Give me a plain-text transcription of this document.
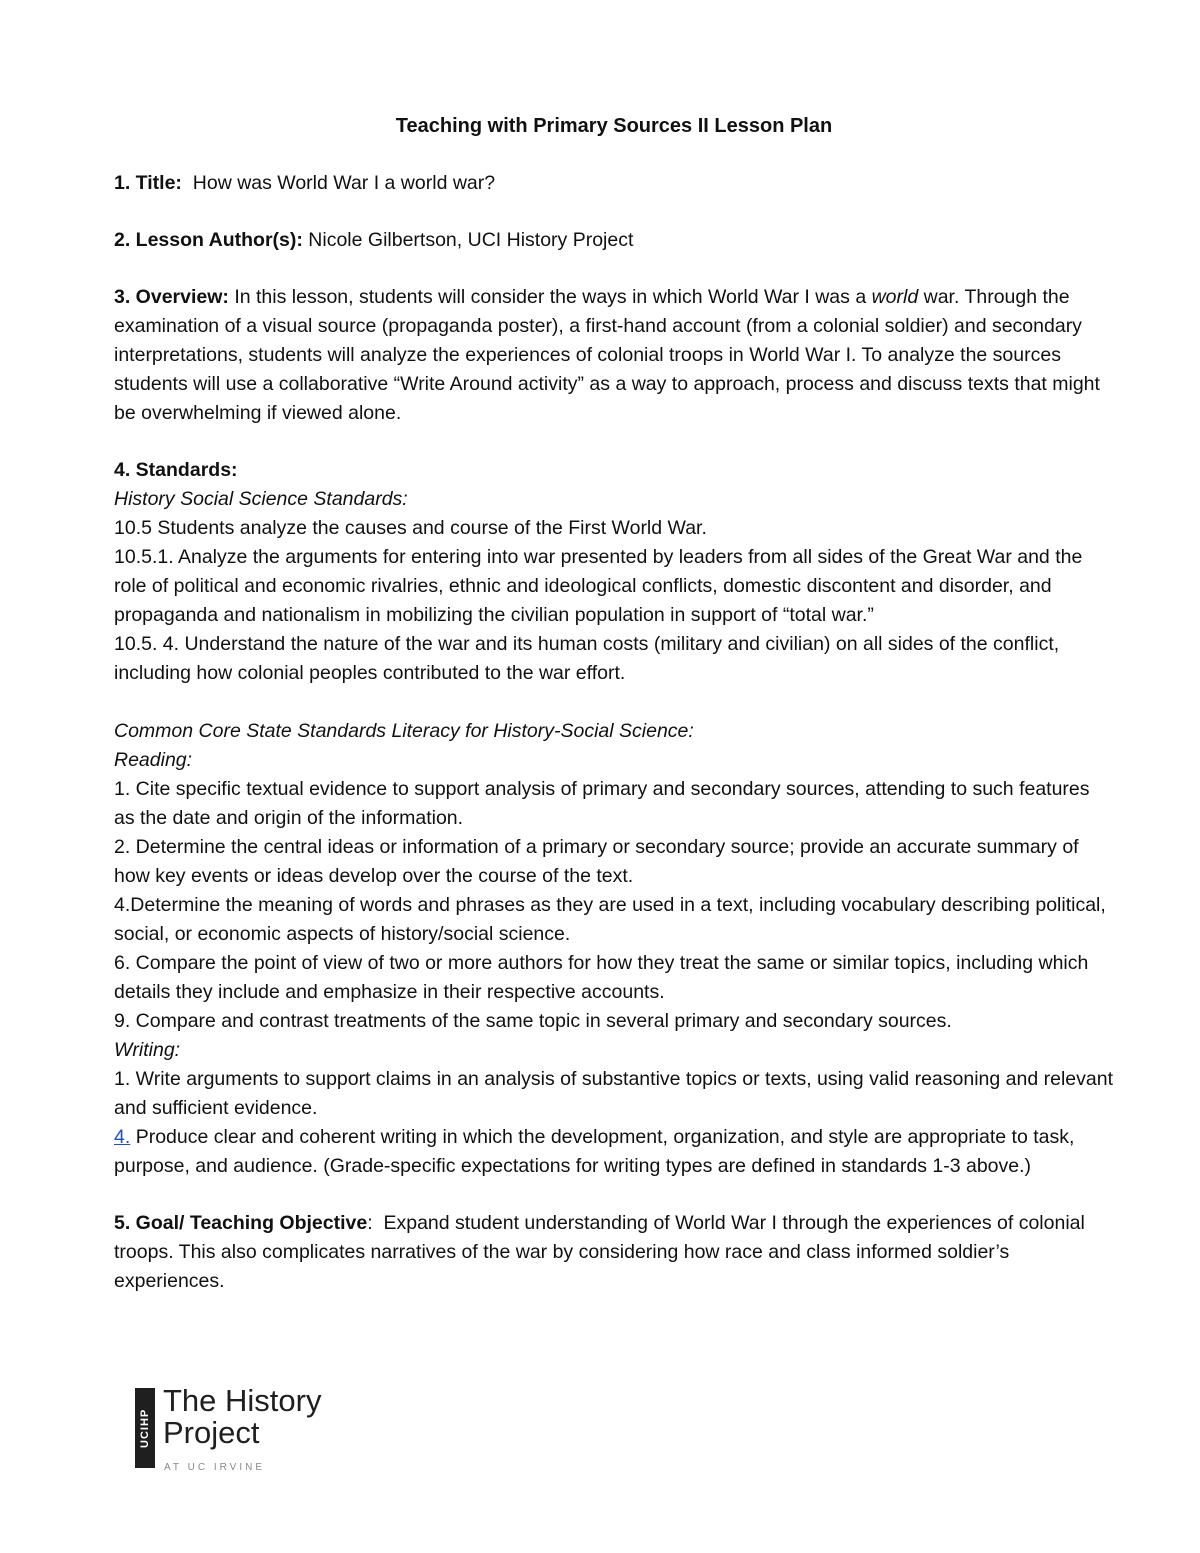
Teaching with Primary Sources II Lesson Plan

1. Title: How was World War I a world war?

2. Lesson Author(s): Nicole Gilbertson, UCI History Project

3. Overview: In this lesson, students will consider the ways in which World War I was a world war. Through the examination of a visual source (propaganda poster), a first-hand account (from a colonial soldier) and secondary interpretations, students will analyze the experiences of colonial troops in World War I. To analyze the sources students will use a collaborative “Write Around activity” as a way to approach, process and discuss texts that might be overwhelming if viewed alone.

4. Standards:

History Social Science Standards:

10.5 Students analyze the causes and course of the First World War.

10.5.1. Analyze the arguments for entering into war presented by leaders from all sides of the Great War and the role of political and economic rivalries, ethnic and ideological conflicts, domestic discontent and disorder, and propaganda and nationalism in mobilizing the civilian population in support of “total war.”

10.5. 4. Understand the nature of the war and its human costs (military and civilian) on all sides of the conflict, including how colonial peoples contributed to the war effort.

Common Core State Standards Literacy for History-Social Science:

Reading:

1. Cite specific textual evidence to support analysis of primary and secondary sources, attending to such features as the date and origin of the information.

2. Determine the central ideas or information of a primary or secondary source; provide an accurate summary of how key events or ideas develop over the course of the text.

4.Determine the meaning of words and phrases as they are used in a text, including vocabulary describing political, social, or economic aspects of history/social science.

6. Compare the point of view of two or more authors for how they treat the same or similar topics, including which details they include and emphasize in their respective accounts.

9. Compare and contrast treatments of the same topic in several primary and secondary sources.

Writing:

1. Write arguments to support claims in an analysis of substantive topics or texts, using valid reasoning and relevant and sufficient evidence.

4. Produce clear and coherent writing in which the development, organization, and style are appropriate to task, purpose, and audience. (Grade-specific expectations for writing types are defined in standards 1-3 above.)

5. Goal/ Teaching Objective: Expand student understanding of World War I through the experiences of colonial troops. This also complicates narratives of the war by considering how race and class informed soldier’s experiences.

UCIHP
The History
Project
AT UC IRVINE
